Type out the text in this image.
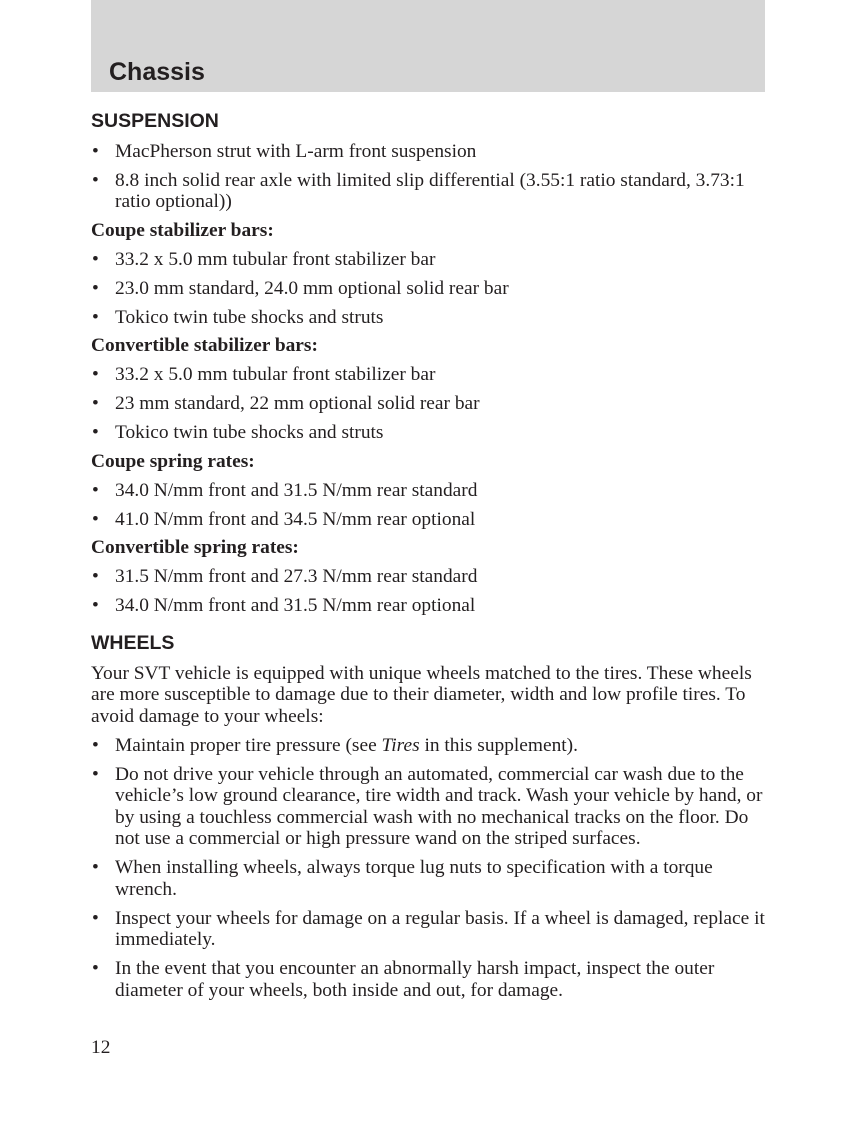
Chassis
SUSPENSION
• MacPherson strut with L-arm front suspension
• 8.8 inch solid rear axle with limited slip differential (3.55:1 ratio standard, 3.73:1 ratio optional))
Coupe stabilizer bars:
• 33.2 x 5.0 mm tubular front stabilizer bar
• 23.0 mm standard, 24.0 mm optional solid rear bar
• Tokico twin tube shocks and struts
Convertible stabilizer bars:
• 33.2 x 5.0 mm tubular front stabilizer bar
• 23 mm standard, 22 mm optional solid rear bar
• Tokico twin tube shocks and struts
Coupe spring rates:
• 34.0 N/mm front and 31.5 N/mm rear standard
• 41.0 N/mm front and 34.5 N/mm rear optional
Convertible spring rates:
• 31.5 N/mm front and 27.3 N/mm rear standard
• 34.0 N/mm front and 31.5 N/mm rear optional
WHEELS

Your SVT vehicle is equipped with unique wheels matched to the tires. These wheels are more susceptible to damage due to their diameter, width and low profile tires. To avoid damage to your wheels:

• Maintain proper tire pressure (see Tires in this supplement).
• Do not drive your vehicle through an automated, commercial car wash due to the vehicle’s low ground clearance, tire width and track. Wash your vehicle by hand, or by using a touchless commercial wash with no mechanical tracks on the floor. Do not use a commercial or high pressure wand on the striped surfaces.
• When installing wheels, always torque lug nuts to specification with a torque wrench.
• Inspect your wheels for damage on a regular basis. If a wheel is damaged, replace it immediately.
• In the event that you encounter an abnormally harsh impact, inspect the outer diameter of your wheels, both inside and out, for damage.
12
